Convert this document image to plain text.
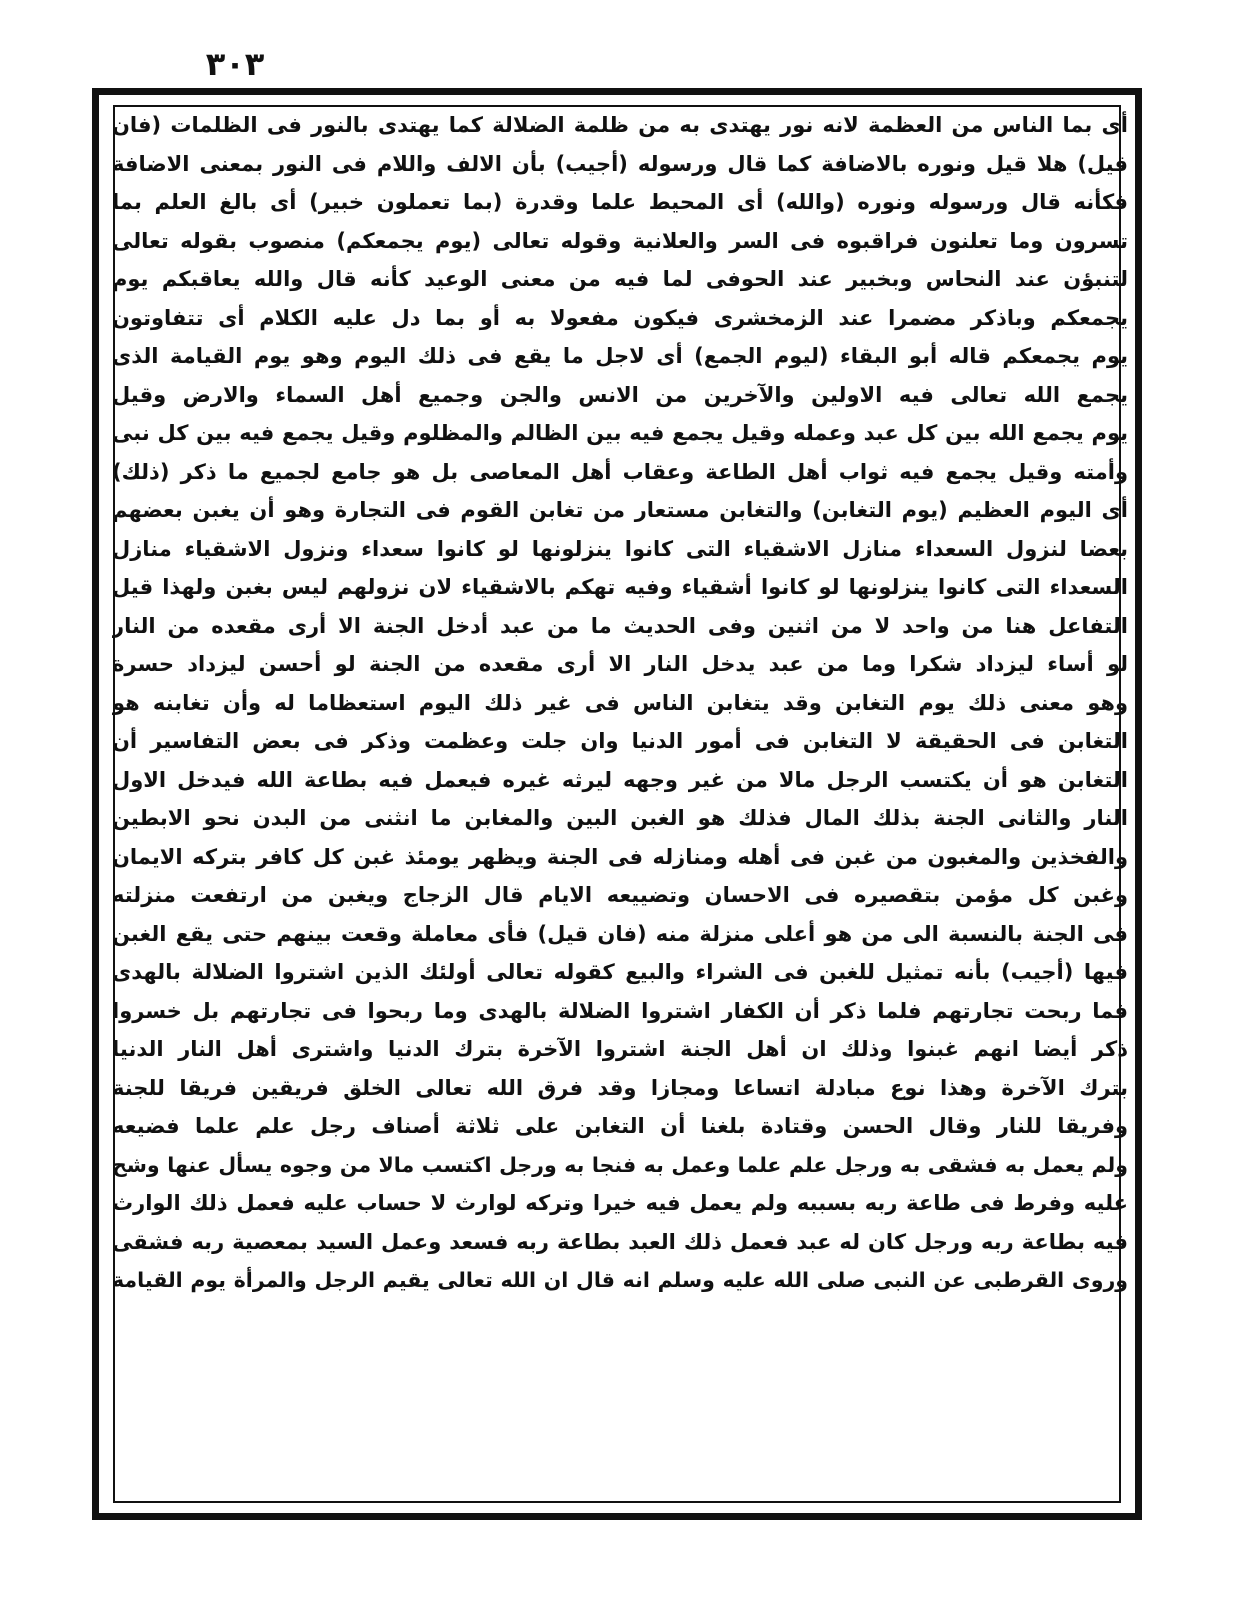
٣٠٣
أى بما الناس من العظمة لانه نور يهتدى به من ظلمة الضلالة كما يهتدى بالنور فى الظلمات (فان
قيل) هلا قيل ونوره بالاضافة كما قال ورسوله (أجيب) بأن الالف واللام فى النور بمعنى الاضافة
فكأنه قال ورسوله ونوره (والله) أى المحيط علما وقدرة (بما تعملون خبير) أى بالغ العلم بما
تسرون وما تعلنون فراقبوه فى السر والعلانية وقوله تعالى (يوم يجمعكم) منصوب بقوله تعالى
لتنبؤن عند النحاس وبخبير عند الحوفى لما فيه من معنى الوعيد كأنه قال والله يعاقبكم يوم
يجمعكم وباذكر مضمرا عند الزمخشرى فيكون مفعولا به أو بما دل عليه الكلام أى تتفاوتون
يوم يجمعكم قاله أبو البقاء (ليوم الجمع) أى لاجل ما يقع فى ذلك اليوم وهو يوم القيامة الذى
يجمع الله تعالى فيه الاولين والآخرين من الانس والجن وجميع أهل السماء والارض وقيل
يوم يجمع الله بين كل عبد وعمله وقيل يجمع فيه بين الظالم والمظلوم وقيل يجمع فيه بين كل نبى
وأمته وقيل يجمع فيه ثواب أهل الطاعة وعقاب أهل المعاصى بل هو جامع لجميع ما ذكر (ذلك)
أى اليوم العظيم (يوم التغابن) والتغابن مستعار من تغابن القوم فى التجارة وهو أن يغبن بعضهم
بعضا لنزول السعداء منازل الاشقياء التى كانوا ينزلونها لو كانوا سعداء ونزول الاشقياء منازل
السعداء التى كانوا ينزلونها لو كانوا أشقياء وفيه تهكم بالاشقياء لان نزولهم ليس بغبن ولهذا قيل
التفاعل هنا من واحد لا من اثنين وفى الحديث ما من عبد أدخل الجنة الا أرى مقعده من النار
لو أساء ليزداد شكرا وما من عبد يدخل النار الا أرى مقعده من الجنة لو أحسن ليزداد حسرة
وهو معنى ذلك يوم التغابن وقد يتغابن الناس فى غير ذلك اليوم استعظاما له وأن تغابنه هو
التغابن فى الحقيقة لا التغابن فى أمور الدنيا وان جلت وعظمت وذكر فى بعض التفاسير أن
التغابن هو أن يكتسب الرجل مالا من غير وجهه ليرثه غيره فيعمل فيه بطاعة الله فيدخل الاول
النار والثانى الجنة بذلك المال فذلك هو الغبن البين والمغابن ما انثنى من البدن نحو الابطين
والفخذين والمغبون من غبن فى أهله ومنازله فى الجنة ويظهر يومئذ غبن كل كافر بتركه الايمان
وغبن كل مؤمن بتقصيره فى الاحسان وتضييعه الايام قال الزجاج ويغبن من ارتفعت منزلته
فى الجنة بالنسبة الى من هو أعلى منزلة منه (فان قيل) فأى معاملة وقعت بينهم حتى يقع الغبن
فيها (أجيب) بأنه تمثيل للغبن فى الشراء والبيع كقوله تعالى أولئك الذين اشتروا الضلالة بالهدى
فما ربحت تجارتهم فلما ذكر أن الكفار اشتروا الضلالة بالهدى وما ربحوا فى تجارتهم بل خسروا
ذكر أيضا انهم غبنوا وذلك ان أهل الجنة اشتروا الآخرة بترك الدنيا واشترى أهل النار الدنيا
بترك الآخرة وهذا نوع مبادلة اتساعا ومجازا وقد فرق الله تعالى الخلق فريقين فريقا للجنة
وفريقا للنار وقال الحسن وقتادة بلغنا أن التغابن على ثلاثة أصناف رجل علم علما فضيعه
ولم يعمل به فشقى به ورجل علم علما وعمل به فنجا به ورجل اكتسب مالا من وجوه يسأل عنها وشح
عليه وفرط فى طاعة ربه بسببه ولم يعمل فيه خيرا وتركه لوارث لا حساب عليه فعمل ذلك الوارث
فيه بطاعة ربه ورجل كان له عبد فعمل ذلك العبد بطاعة ربه فسعد وعمل السيد بمعصية ربه فشقى
وروى القرطبى عن النبى صلى الله عليه وسلم انه قال ان الله تعالى يقيم الرجل والمرأة يوم القيامة
